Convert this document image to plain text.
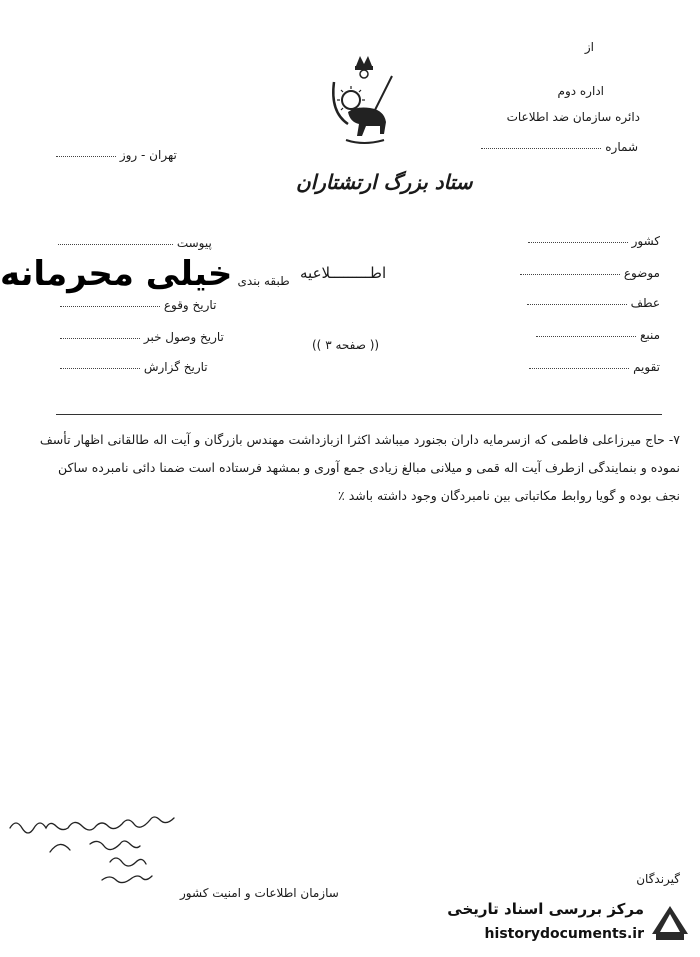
از
اداره دوم
دائره سازمان ضد اطلاعات
شماره
ستاد بزرگ ارتشتاران
تهران - روز
پیوست
طبقه بندی خیلی محرمانه
تاریخ وقوع
تاریخ وصول خبر
تاریخ گزارش
اطـــــــــلاعیه
(( صفحه ۳ ))
کشور
موضوع
عطف
منبع
تقویم

۷- حاج میرزاعلی فاطمی که ازسرمایه داران بجنورد میباشد اکثرا ازبازداشت مهندس بازرگان و آیت اله طالقانی اظهار تأسف

نموده و بنمایندگی ازطرف آیت اله قمی و میلانی مبالغ زیادی جمع آوری و بمشهد فرستاده است ضمنا دائی نامبرده ساکن

نجف بوده و گویا روابط مکاتباتی بین نامبردگان وجود داشته باشد ٪

سازمان اطلاعات و امنیت کشور
گیرندگان
مرکز بررسی اسناد تاریخی
historydocuments.ir
